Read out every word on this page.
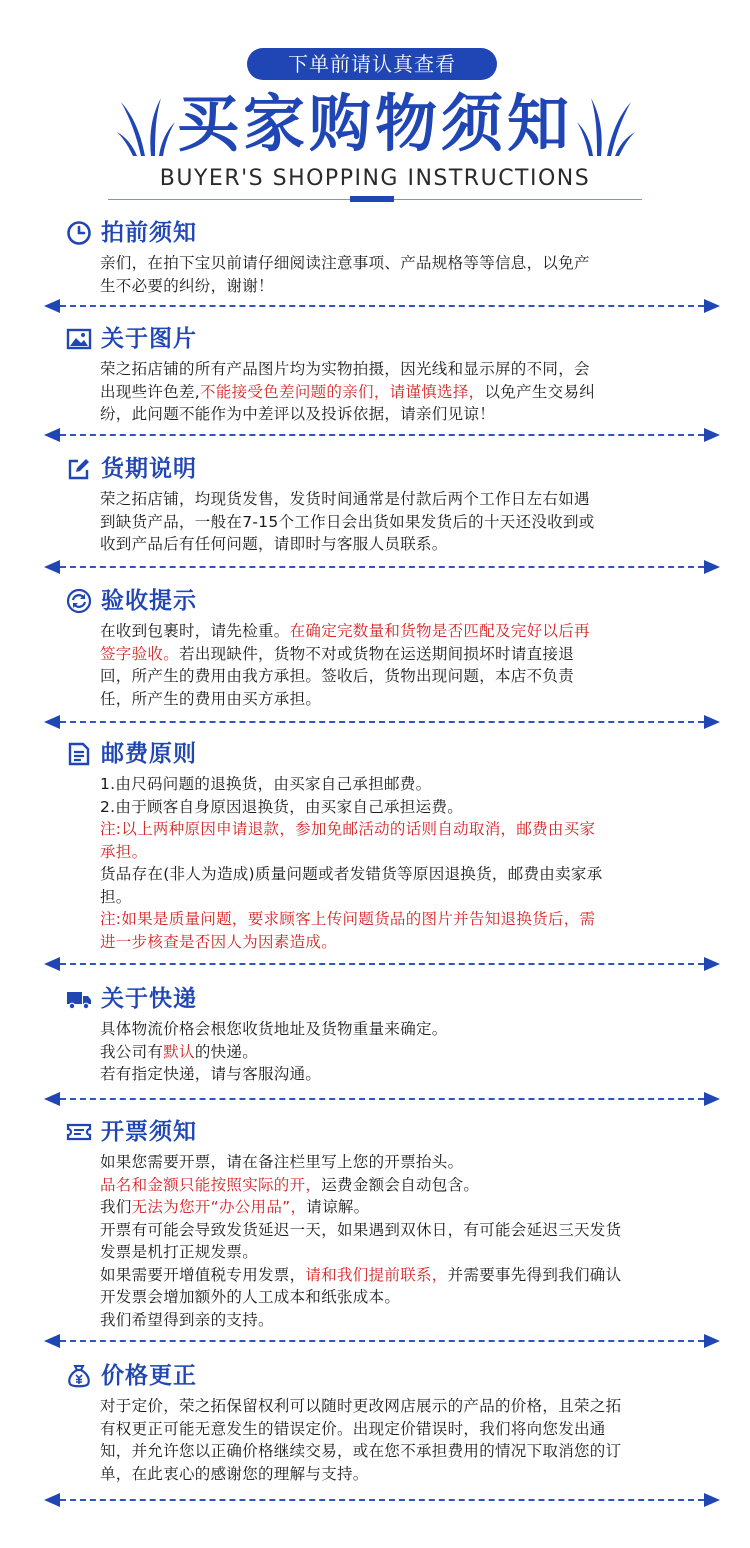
下单前请认真查看
买家购物须知
BUYER'S SHOPPING INSTRUCTIONS
拍前须知

亲们，在拍下宝贝前请仔细阅读注意事项、产品规格等等信息，以免产

生不必要的纠纷，谢谢！

关于图片

荣之拓店铺的所有产品图片均为实物拍摄，因光线和显示屏的不同，会

出现些许色差,不能接受色差问题的亲们，请谨慎选择，以免产生交易纠

纷，此问题不能作为中差评以及投诉依据，请亲们见谅！

货期说明

荣之拓店铺，均现货发售，发货时间通常是付款后两个工作日左右如遇

到缺货产品，一般在7-15个工作日会出货如果发货后的十天还没收到或

收到产品后有任何问题，请即时与客服人员联系。

验收提示

在收到包裹时，请先检重。在确定完数量和货物是否匹配及完好以后再

签字验收。若出现缺件，货物不对或货物在运送期间损坏时请直接退

回，所产生的费用由我方承担。签收后，货物出现问题，本店不负责

任，所产生的费用由买方承担。

邮费原则

1.由尺码问题的退换货，由买家自己承担邮费。

2.由于顾客自身原因退换货，由买家自己承担运费。

注:以上两种原因申请退款，参加免邮活动的话则自动取消，邮费由买家

承担。

货品存在(非人为造成)质量问题或者发错货等原因退换货，邮费由卖家承

担。

注:如果是质量问题，要求顾客上传问题货品的图片并告知退换货后，需

进一步核查是否因人为因素造成。

关于快递

具体物流价格会根您收货地址及货物重量来确定。

我公司有默认的快递。

若有指定快递，请与客服沟通。

开票须知

如果您需要开票，请在备注栏里写上您的开票抬头。

品名和金额只能按照实际的开，运费金额会自动包含。

我们无法为您开“办公用品”，请谅解。

开票有可能会导致发货延迟一天，如果遇到双休日，有可能会延迟三天发货

发票是机打正规发票。

如果需要开增值税专用发票，请和我们提前联系，并需要事先得到我们确认

开发票会增加额外的人工成本和纸张成本。

我们希望得到亲的支持。

价格更正

对于定价，荣之拓保留权利可以随时更改网店展示的产品的价格，且荣之拓

有权更正可能无意发生的错误定价。出现定价错误时，我们将向您发出通

知，并允许您以正确价格继续交易，或在您不承担费用的情况下取消您的订

单，在此衷心的感谢您的理解与支持。
